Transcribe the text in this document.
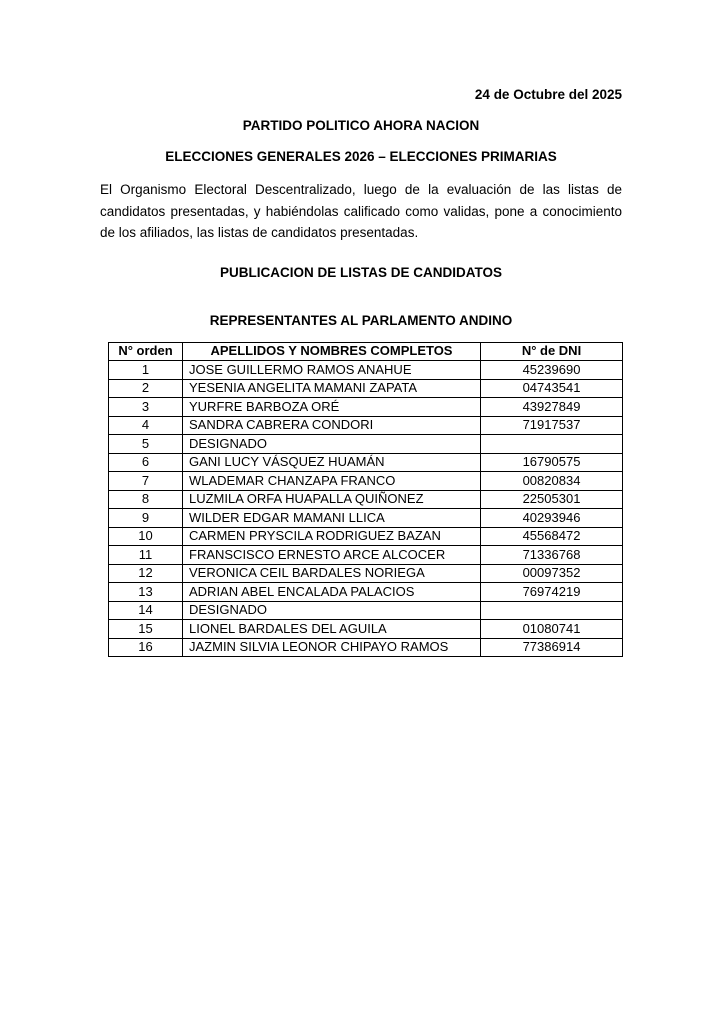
24 de Octubre del 2025
PARTIDO POLITICO AHORA NACION
ELECCIONES GENERALES 2026 – ELECCIONES PRIMARIAS
El Organismo Electoral Descentralizado, luego de la evaluación de las listas de candidatos presentadas, y habiéndolas calificado como validas, pone a conocimiento de los afiliados, las listas de candidatos presentadas.
PUBLICACION DE LISTAS DE CANDIDATOS
REPRESENTANTES AL PARLAMENTO ANDINO
N° orden	APELLIDOS Y NOMBRES COMPLETOS	N° de DNI
1	JOSE GUILLERMO RAMOS ANAHUE	45239690
2	YESENIA ANGELITA MAMANI ZAPATA	04743541
3	YURFRE BARBOZA ORÉ	43927849
4	SANDRA CABRERA CONDORI	71917537
5	DESIGNADO	
6	GANI LUCY VÁSQUEZ HUAMÁN	16790575
7	WLADEMAR CHANZAPA FRANCO	00820834
8	LUZMILA ORFA HUAPALLA QUIÑONEZ	22505301
9	WILDER EDGAR MAMANI LLICA	40293946
10	CARMEN PRYSCILA RODRIGUEZ BAZAN	45568472
11	FRANSCISCO ERNESTO ARCE ALCOCER	71336768
12	VERONICA CEIL BARDALES NORIEGA	00097352
13	ADRIAN ABEL ENCALADA PALACIOS	76974219
14	DESIGNADO	
15	LIONEL BARDALES DEL AGUILA	01080741
16	JAZMIN SILVIA LEONOR CHIPAYO RAMOS	77386914
